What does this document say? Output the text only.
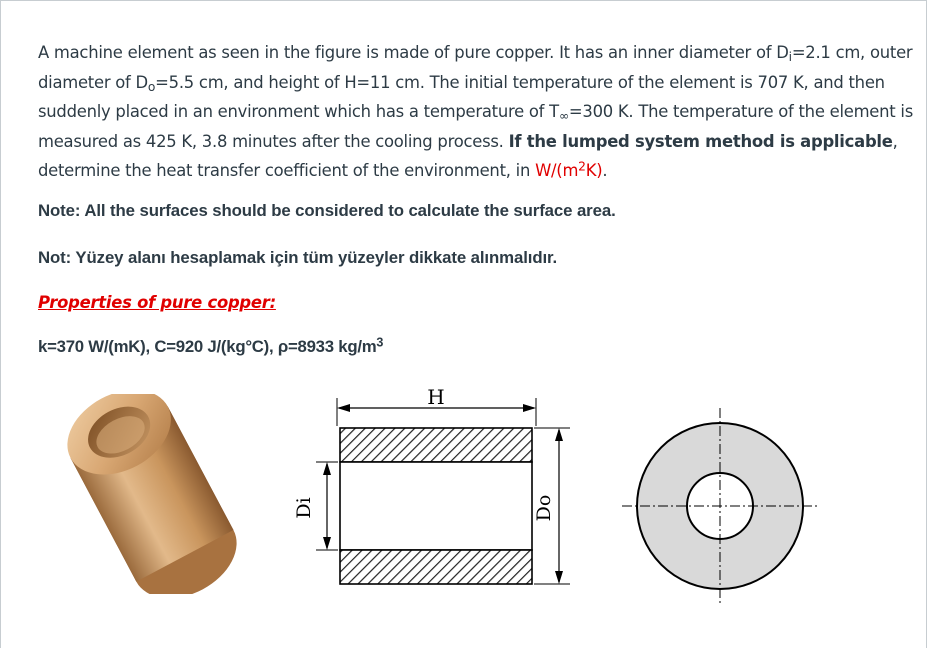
A machine element as seen in the figure is made of pure copper. It has an inner diameter of $D_i=2.1$ cm, outer diameter of $D_o=5.5$ cm, and height of H=11 cm. The initial temperature of the element is 707 K, and then suddenly placed in an environment which has a temperature of $T_\infty=300$ K. The temperature of the element is measured as 425 K, 3.8 minutes after the cooling process. If the lumped system method is applicable, determine the heat transfer coefficient of the environment, in $W/(m^2K)$.

Note: All the surfaces should be considered to calculate the surface area.

Not: Yüzey alanı hesaplamak için tüm yüzeyler dikkate alınmalıdır.

Properties of pure copper:

k=370 W/(mK), C=920 J/(kg°C), ρ=8933 $kg/m^3$

H
Di	Do
